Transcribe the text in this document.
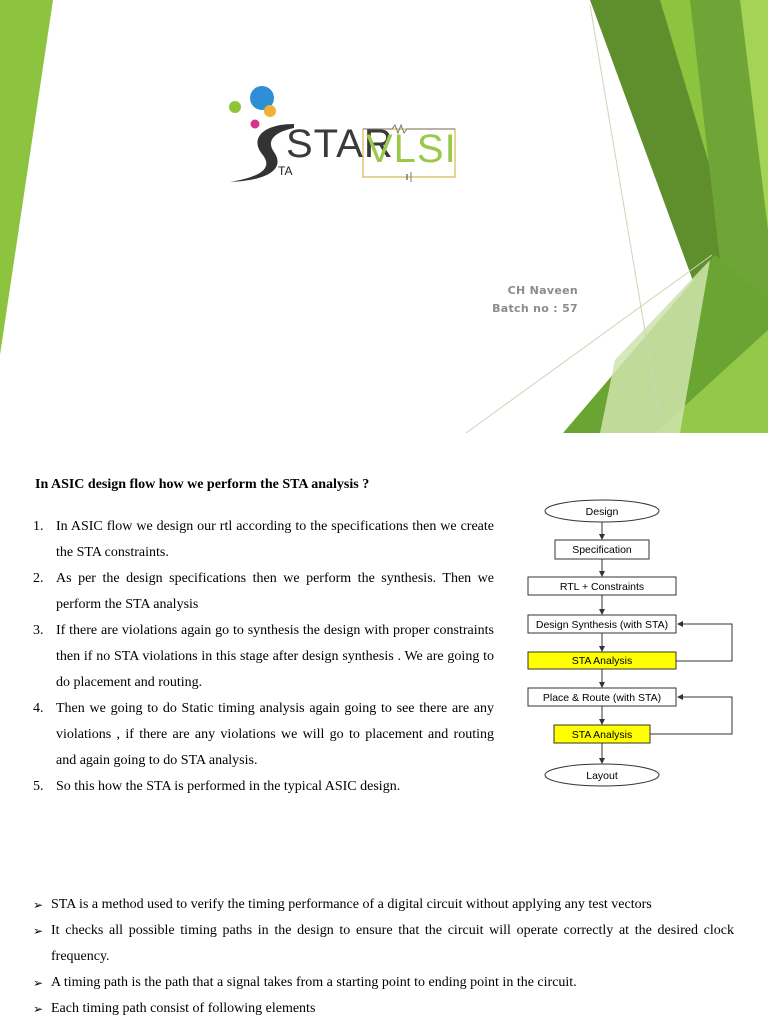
STAR
VLSI
TA
CH Naveen
Batch no : 57
In ASIC design flow how we perform the STA analysis ?
1. In ASIC flow we design our rtl according to the specifications then we create the STA constraints.
2. As per the design specifications then we perform the synthesis. Then we perform the STA analysis
3. If there are violations again go to synthesis the design with proper constraints then if no STA violations in this stage after design synthesis . We are going to do placement and routing.
4. Then we going to do Static timing analysis again going to see there are any violations , if there are any violations we will go to placement and routing and again going to do STA analysis.
5. So this how the STA is performed in the typical ASIC design.
Design
Specification
RTL + Constraints
Design Synthesis (with STA)
STA Analysis
Place & Route (with STA)
STA Analysis
Layout
➢ STA is a method used to verify the timing performance of a digital circuit without applying any test vectors
➢ It checks all possible timing paths in the design to ensure that the circuit will operate correctly at the desired clock frequency.
➢ A timing path is the path that a signal takes from a starting point to ending point in the circuit.
➢ Each timing path consist of following elements
